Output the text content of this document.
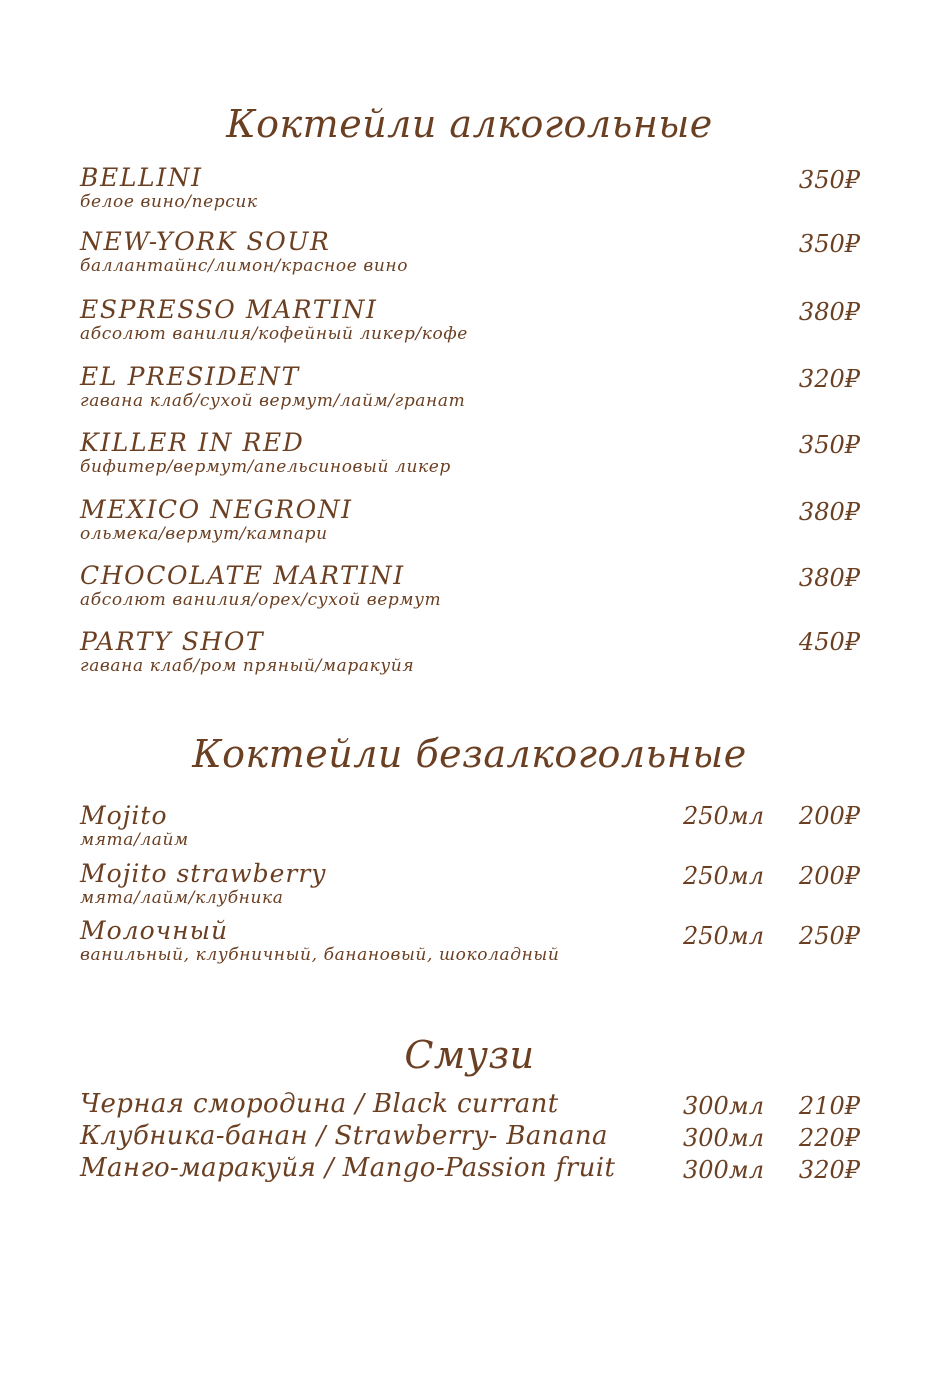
Коктейли алкогольные
BELLINI
белое вино/персик
350₽
NEW-YORK SOUR
баллантайнс/лимон/красное вино
350₽
ESPRESSO MARTINI
абсолют ванилия/кофейный ликер/кофе
380₽
EL PRESIDENT
гавана клаб/сухой вермут/лайм/гранат
320₽
KILLER IN RED
бифитер/вермут/апельсиновый ликер
350₽
MEXICO NEGRONI
ольмека/вермут/кампари
380₽
CHOCOLATE MARTINI
абсолют ванилия/орех/сухой вермут
380₽
PARTY SHOT
гавана клаб/ром пряный/маракуйя
450₽
Коктейли безалкогольные
Mojito
мята/лайм
250мл 200₽
Mojito strawberry
мята/лайм/клубника
250мл 200₽
Молочный
ванильный, клубничный, банановый, шоколадный
250мл 250₽
Смузи
Черная смородина / Black currant	300мл 210₽
Клубника-банан / Strawberry- Banana	300мл 220₽
Манго-маракуйя / Mango-Passion fruit	300мл 320₽
